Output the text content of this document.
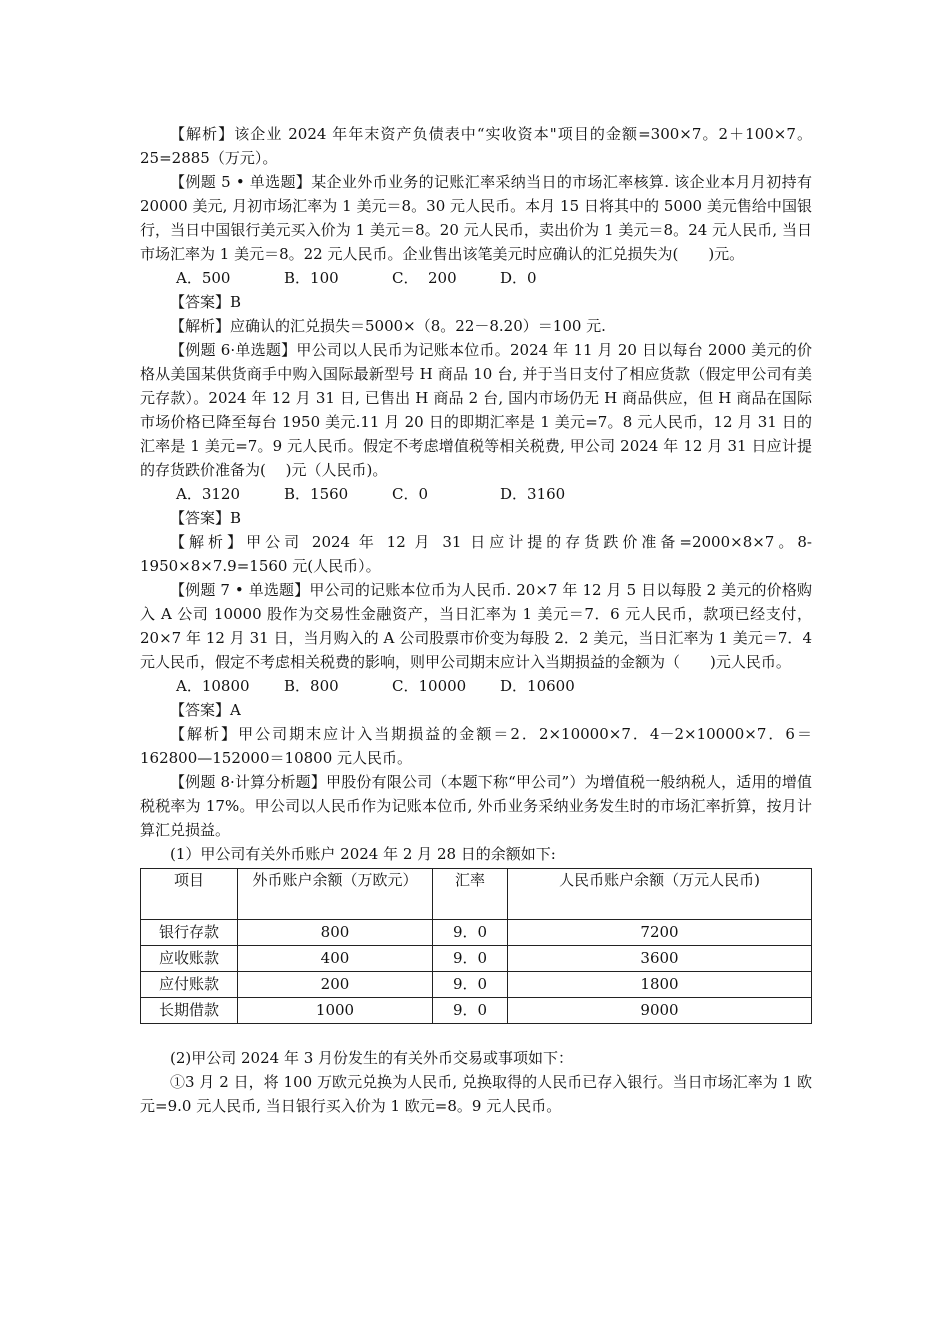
【解析】该企业 2024 年年末资产负债表中“实收资本"项目的金额=300×7。2＋100×7。25=2885（万元）。

【例题 5 • 单选题】某企业外币业务的记账汇率采纳当日的市场汇率核算. 该企业本月月初持有 20000 美元, 月初市场汇率为 1 美元＝8。30 元人民币。本月 15 日将其中的 5000 美元售给中国银行，当日中国银行美元买入价为 1 美元＝8。20 元人民币，卖出价为 1 美元＝8。24 元人民币, 当日市场汇率为 1 美元＝8。22 元人民币。企业售出该笔美元时应确认的汇兑损失为(　　)元。

A．500	B．100	C．  200	D．0

【答案】B

【解析】应确认的汇兑损失＝5000×（8。22－8.20）＝100 元.

【例题 6·单选题】甲公司以人民币为记账本位币。2024 年 11 月 20 日以每台 2000 美元的价格从美国某供货商手中购入国际最新型号 H 商品 10 台, 并于当日支付了相应货款（假定甲公司有美元存款）。2024 年 12 月 31 日, 已售出 H 商品 2 台, 国内市场仍无 H 商品供应，但 H 商品在国际市场价格已降至每台 1950 美元.11 月 20 日的即期汇率是 1 美元=7。8 元人民币，12 月 31 日的汇率是 1 美元=7。9 元人民币。假定不考虑增值税等相关税费, 甲公司 2024 年 12 月 31 日应计提的存货跌价准备为(　 )元（人民币)。

A．3120	B．1560	C．0	D．3160

【答案】B

【解析】甲公司 2024 年 12 月 31 日应计提的存货跌价准备=2000×8×7。8-1950×8×7.9=1560 元(人民币）。

【例题 7 • 单选题】甲公司的记账本位币为人民币. 20×7 年 12 月 5 日以每股 2 美元的价格购入 A 公司 10000 股作为交易性金融资产，当日汇率为 1 美元＝7．6 元人民币，款项已经支付，20×7 年 12 月 31 日，当月购入的 A 公司股票市价变为每股 2．2 美元，当日汇率为 1 美元＝7．4 元人民币，假定不考虑相关税费的影响，则甲公司期末应计入当期损益的金额为（　　)元人民币。

A．10800 B．800	C．10000 D．10600

【答案】A

【解析】甲公司期末应计入当期损益的金额＝2．2×10000×7．4－2×10000×7．6＝162800—152000＝10800 元人民币。

【例题 8·计算分析题】甲股份有限公司（本题下称“甲公司”）为增值税一般纳税人，适用的增值税税率为 17%。甲公司以人民币作为记账本位币, 外币业务采纳业务发生时的市场汇率折算，按月计算汇兑损益。

(1）甲公司有关外币账户 2024 年 2 月 28 日的余额如下:

项目	外币账户余额（万欧元）	汇率	人民币账户余额（万元人民币)
银行存款	800	9．0	7200
应收账款	400	9．0	3600
应付账款	200	9．0	1800
长期借款	1000	9．0	9000

(2)甲公司 2024 年 3 月份发生的有关外币交易或事项如下：

①3 月 2 日，将 100 万欧元兑换为人民币, 兑换取得的人民币已存入银行。当日市场汇率为 1 欧元=9.0 元人民币, 当日银行买入价为 1 欧元=8。9 元人民币。
